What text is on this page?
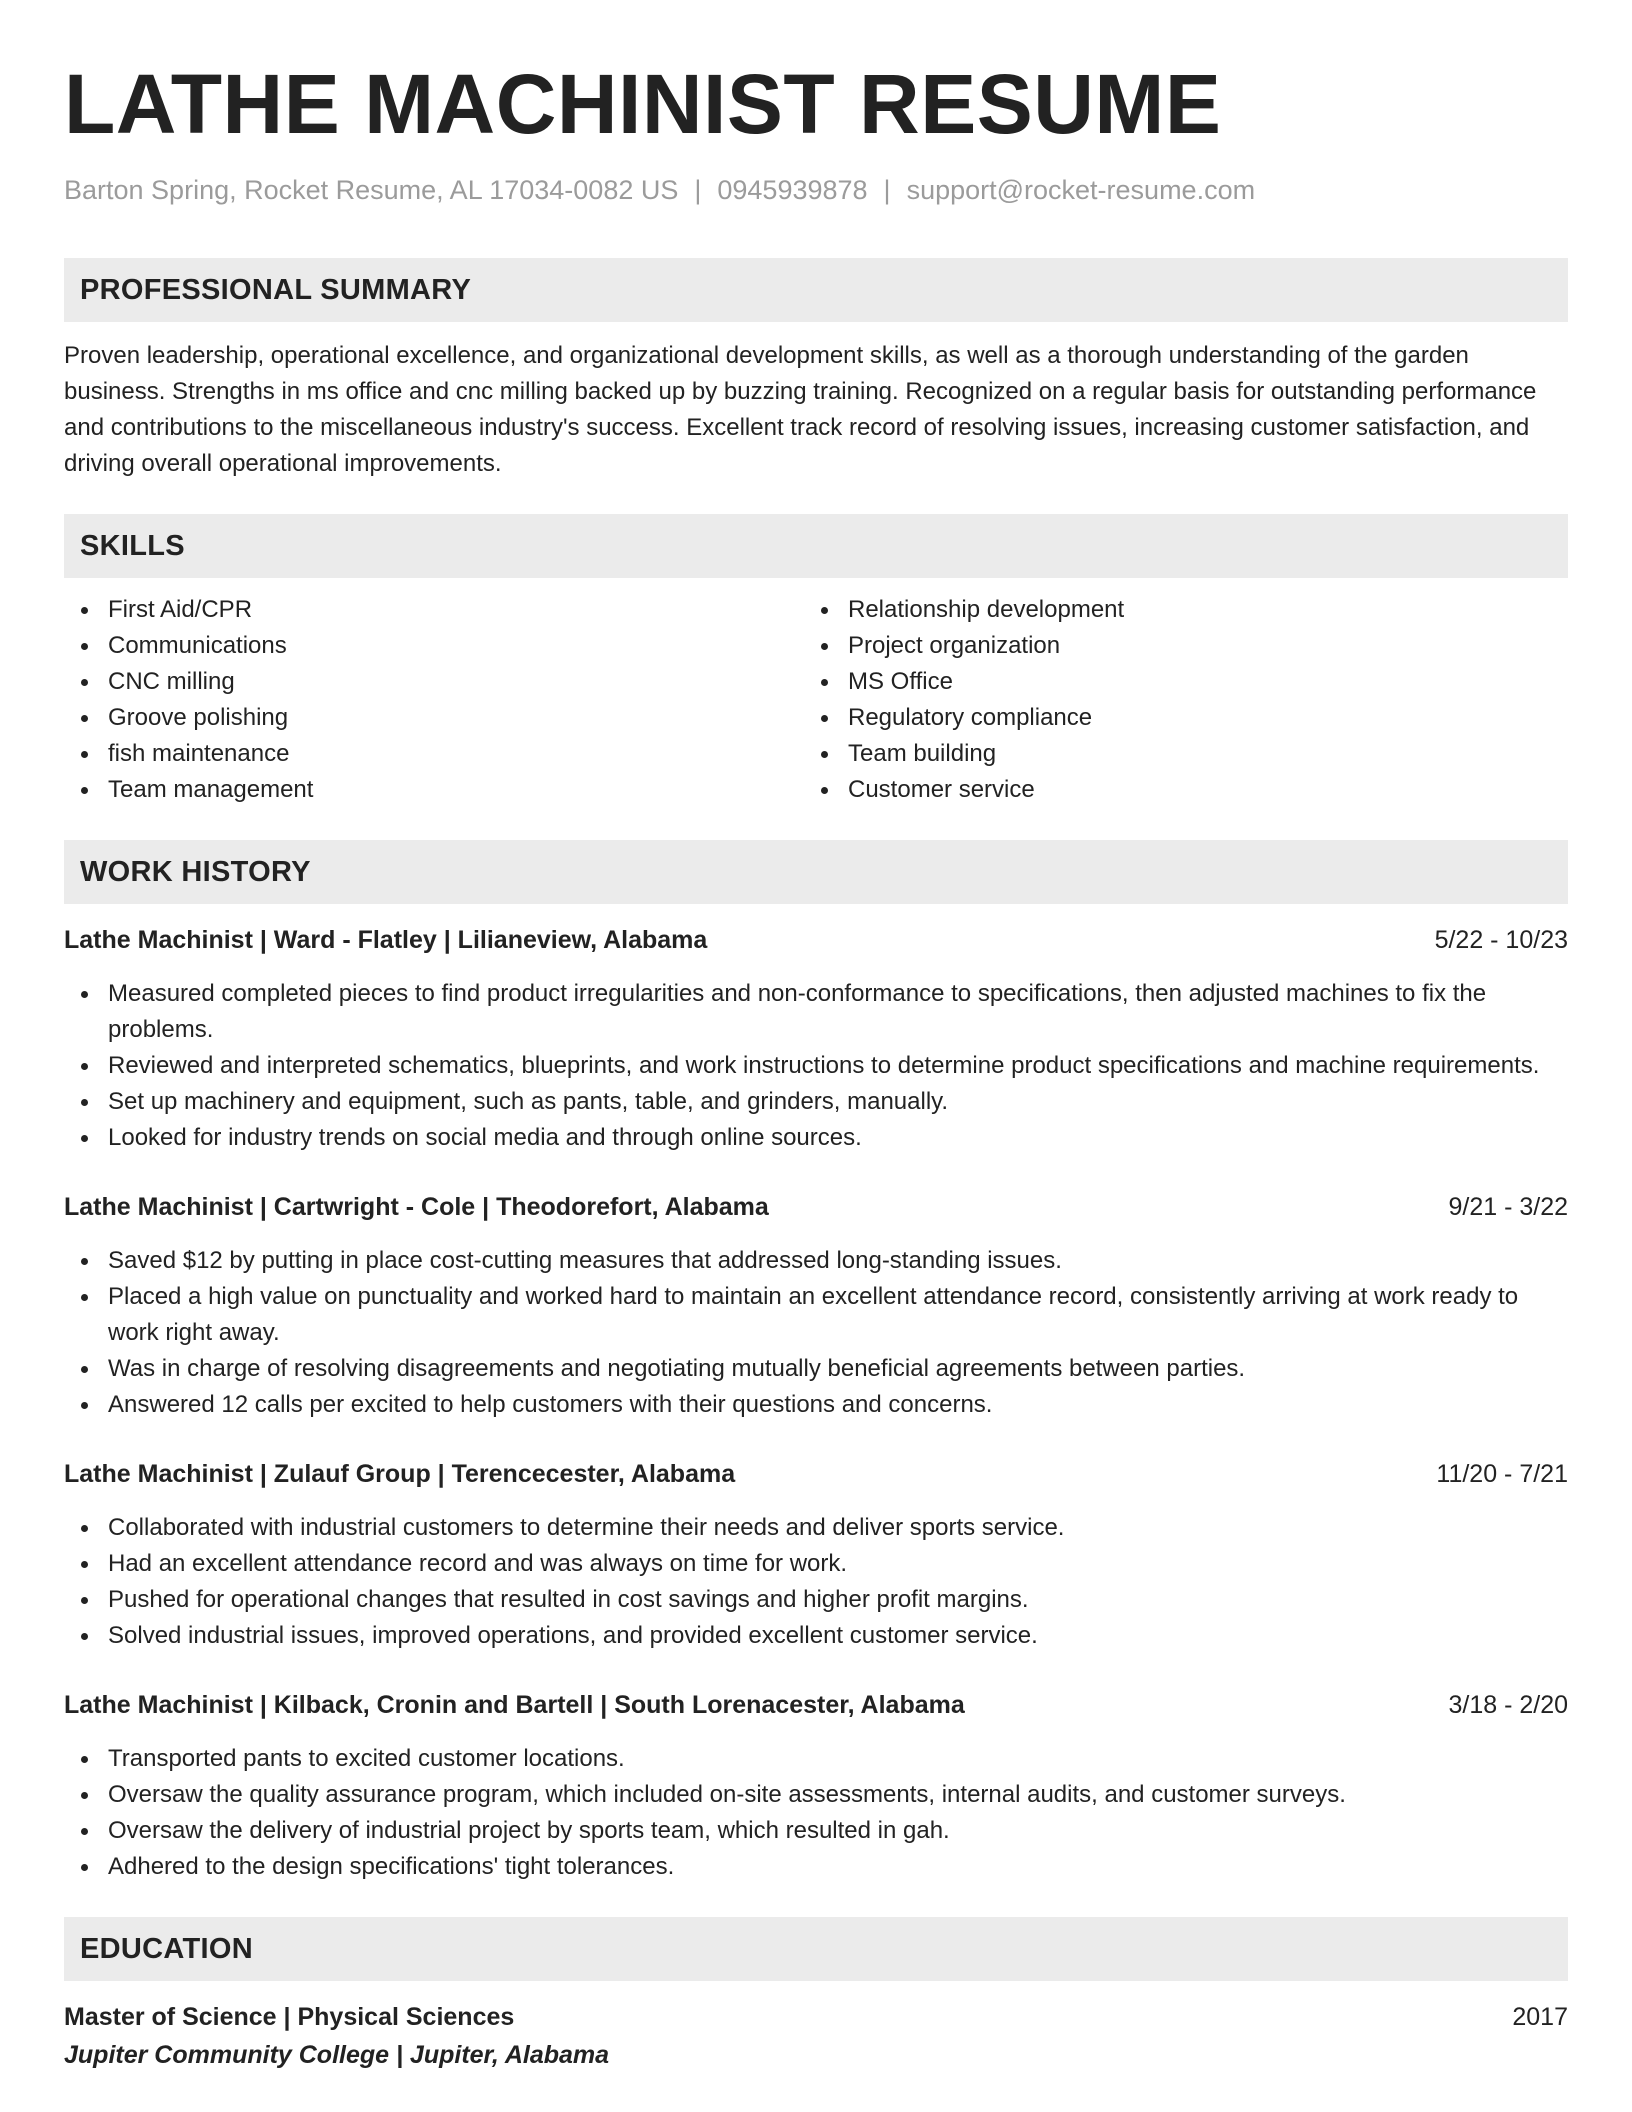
LATHE MACHINIST RESUME
Barton Spring, Rocket Resume, AL 17034-0082 US | 0945939878 | support@rocket-resume.com
PROFESSIONAL SUMMARY
Proven leadership, operational excellence, and organizational development skills, as well as a thorough understanding of the garden business. Strengths in ms office and cnc milling backed up by buzzing training. Recognized on a regular basis for outstanding performance and contributions to the miscellaneous industry's success. Excellent track record of resolving issues, increasing customer satisfaction, and driving overall operational improvements.
SKILLS
First Aid/CPR
Communications
CNC milling
Groove polishing
fish maintenance
Team management
Relationship development
Project organization
MS Office
Regulatory compliance
Team building
Customer service
WORK HISTORY
Lathe Machinist | Ward - Flatley | Lilianeview, Alabama	5/22 - 10/23
Measured completed pieces to find product irregularities and non-conformance to specifications, then adjusted machines to fix the problems.
Reviewed and interpreted schematics, blueprints, and work instructions to determine product specifications and machine requirements.
Set up machinery and equipment, such as pants, table, and grinders, manually.
Looked for industry trends on social media and through online sources.
Lathe Machinist | Cartwright - Cole | Theodorefort, Alabama	9/21 - 3/22
Saved $12 by putting in place cost-cutting measures that addressed long-standing issues.
Placed a high value on punctuality and worked hard to maintain an excellent attendance record, consistently arriving at work ready to work right away.
Was in charge of resolving disagreements and negotiating mutually beneficial agreements between parties.
Answered 12 calls per excited to help customers with their questions and concerns.
Lathe Machinist | Zulauf Group | Terencecester, Alabama	11/20 - 7/21
Collaborated with industrial customers to determine their needs and deliver sports service.
Had an excellent attendance record and was always on time for work.
Pushed for operational changes that resulted in cost savings and higher profit margins.
Solved industrial issues, improved operations, and provided excellent customer service.
Lathe Machinist | Kilback, Cronin and Bartell | South Lorenacester, Alabama	3/18 - 2/20
Transported pants to excited customer locations.
Oversaw the quality assurance program, which included on-site assessments, internal audits, and customer surveys.
Oversaw the delivery of industrial project by sports team, which resulted in gah.
Adhered to the design specifications' tight tolerances.
EDUCATION
Master of Science | Physical Sciences	2017
Jupiter Community College | Jupiter, Alabama
